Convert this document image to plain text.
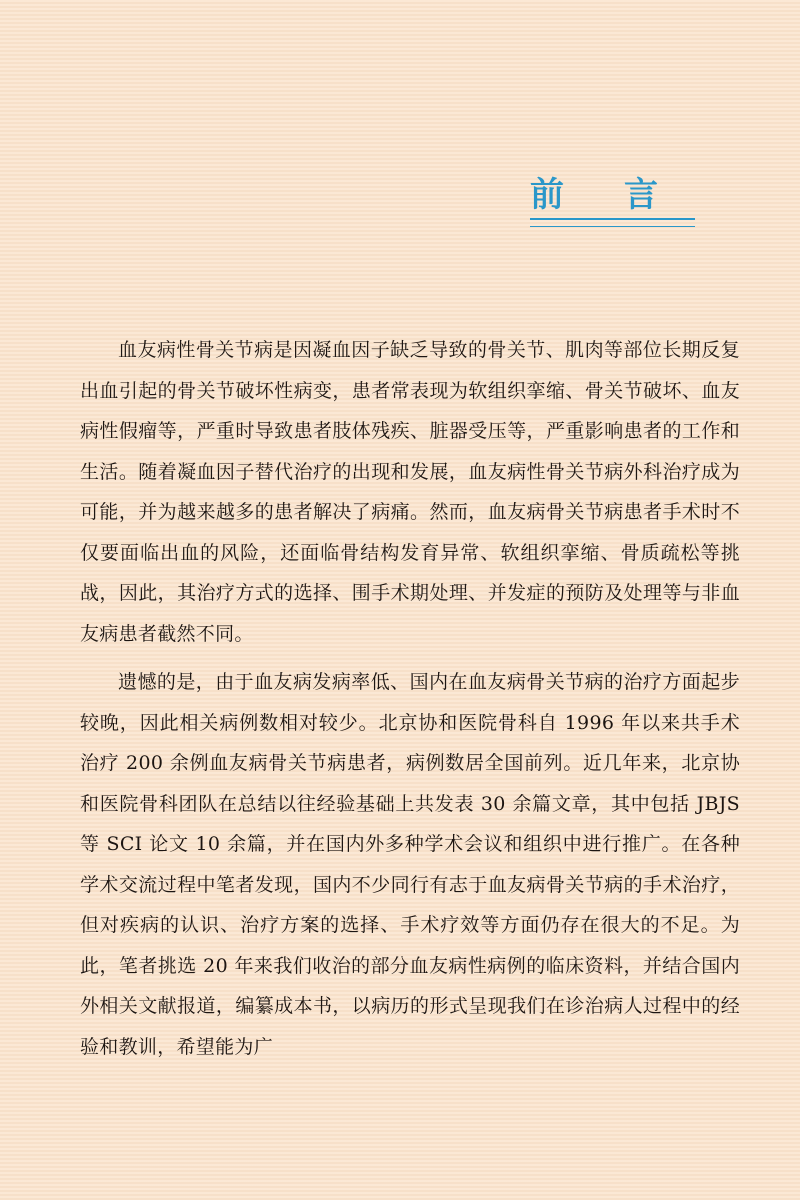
前言

血友病性骨关节病是因凝血因子缺乏导致的骨关节、肌肉等部位长期反复出血引起的骨关节破坏性病变，患者常表现为软组织挛缩、骨关节破坏、血友病性假瘤等，严重时导致患者肢体残疾、脏器受压等，严重影响患者的工作和生活。随着凝血因子替代治疗的出现和发展，血友病性骨关节病外科治疗成为可能，并为越来越多的患者解决了病痛。然而，血友病骨关节病患者手术时不仅要面临出血的风险，还面临骨结构发育异常、软组织挛缩、骨质疏松等挑战，因此，其治疗方式的选择、围手术期处理、并发症的预防及处理等与非血友病患者截然不同。

遗憾的是，由于血友病发病率低、国内在血友病骨关节病的治疗方面起步较晚，因此相关病例数相对较少。北京协和医院骨科自 1996 年以来共手术治疗 200 余例血友病骨关节病患者，病例数居全国前列。近几年来，北京协和医院骨科团队在总结以往经验基础上共发表 30 余篇文章，其中包括 JBJS 等 SCI 论文 10 余篇，并在国内外多种学术会议和组织中进行推广。在各种学术交流过程中笔者发现，国内不少同行有志于血友病骨关节病的手术治疗，但对疾病的认识、治疗方案的选择、手术疗效等方面仍存在很大的不足。为此，笔者挑选 20 年来我们收治的部分血友病性病例的临床资料，并结合国内外相关文献报道，编纂成本书，以病历的形式呈现我们在诊治病人过程中的经验和教训，希望能为广
